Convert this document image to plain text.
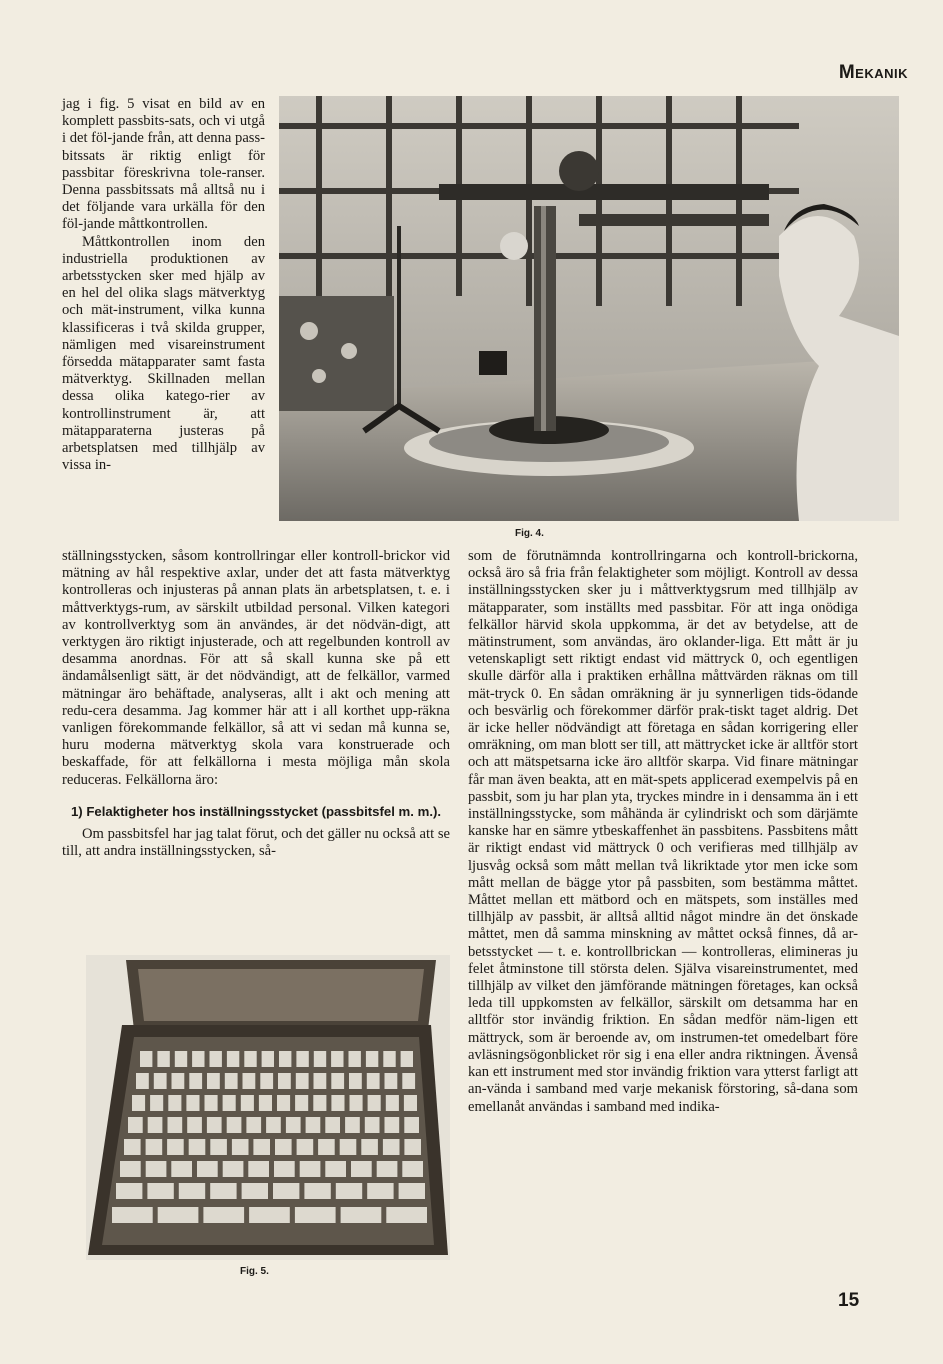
Mekanik

jag i fig. 5 visat en bild av en komplett passbits-sats, och vi utgå i det föl-jande från, att denna pass-bitssats är riktig enligt för passbitar föreskrivna tole-ranser. Denna passbitssats må alltså nu i det följande vara urkälla för den föl-jande måttkontrollen.

Måttkontrollen inom den industriella produktionen av arbetsstycken sker med hjälp av en hel del olika slags mätverktyg och mät-instrument, vilka kunna klassificeras i två skilda grupper, nämligen med visareinstrument försedda mätapparater samt fasta mätverktyg. Skillnaden mellan dessa olika katego-rier av kontrollinstrument är, att mätapparaterna justeras på arbetsplatsen med tillhjälp av vissa in-

Fig. 4.

ställningsstycken, såsom kontrollringar eller kontroll-brickor vid mätning av hål respektive axlar, under det att fasta mätverktyg kontrolleras och injusteras på annan plats än arbetsplatsen, t. e. i måttverktygs-rum, av särskilt utbildad personal. Vilken kategori av kontrollverktyg som än användes, är det nödvän-digt, att verktygen äro riktigt injusterade, och att regelbunden kontroll av desamma anordnas. För att så skall kunna ske på ett ändamålsenligt sätt, är det nödvändigt, att de felkällor, varmed mätningar äro behäftade, analyseras, allt i akt och mening att redu-cera desamma. Jag kommer här att i all korthet upp-räkna vanligen förekommande felkällor, så att vi sedan må kunna se, huru moderna mätverktyg skola vara konstruerade och beskaffade, för att felkällorna i mesta möjliga mån skola reduceras. Felkällorna äro:

1) Felaktigheter hos inställningsstycket (passbitsfel m. m.).

Om passbitsfel har jag talat förut, och det gäller nu också att se till, att andra inställningsstycken, så-

Fig. 5.

som de förutnämnda kontrollringarna och kontroll-brickorna, också äro så fria från felaktigheter som möjligt. Kontroll av dessa inställningsstycken sker ju i måttverktygsrum med tillhjälp av mätapparater, som inställts med passbitar. För att inga onödiga felkällor härvid skola uppkomma, är det av betydelse, att de mätinstrument, som användas, äro oklander-liga. Ett mått är ju vetenskapligt sett riktigt endast vid mättryck 0, och egentligen skulle därför alla i praktiken erhållna måttvärden räknas om till mät-tryck 0. En sådan omräkning är ju synnerligen tids-ödande och besvärlig och förekommer därför prak-tiskt taget aldrig. Det är icke heller nödvändigt att företaga en sådan korrigering eller omräkning, om man blott ser till, att mättrycket icke är alltför stort och att mätspetsarna icke äro alltför skarpa. Vid finare mätningar får man även beakta, att en mät-spets applicerad exempelvis på en passbit, som ju har plan yta, tryckes mindre in i densamma än i ett inställningsstycke, som måhända är cylindriskt och som därjämte kanske har en sämre ytbeskaffenhet än passbitens. Passbitens mått är riktigt endast vid mättryck 0 och verifieras med tillhjälp av ljusvåg också som mått mellan två likriktade ytor men icke som mått mellan de bägge ytor på passbiten, som bestämma måttet. Måttet mellan ett mätbord och en mätspets, som inställes med tillhjälp av passbit, är alltså alltid något mindre än det önskade måttet, men då samma minskning av måttet också finnes, då ar-betsstycket — t. e. kontrollbrickan — kontrolleras, elimineras ju felet åtminstone till största delen. Själva visareinstrumentet, med tillhjälp av vilket den jämförande mätningen företages, kan också leda till uppkomsten av felkällor, särskilt om detsamma har en alltför stor invändig friktion. En sådan medför näm-ligen ett mättryck, som är beroende av, om instrumen-tet omedelbart före avläsningsögonblicket rör sig i ena eller andra riktningen. Ävenså kan ett instrument med stor invändig friktion vara ytterst farligt att an-vända i samband med varje mekanisk förstoring, så-dana som emellanåt användas i samband med indika-

15
